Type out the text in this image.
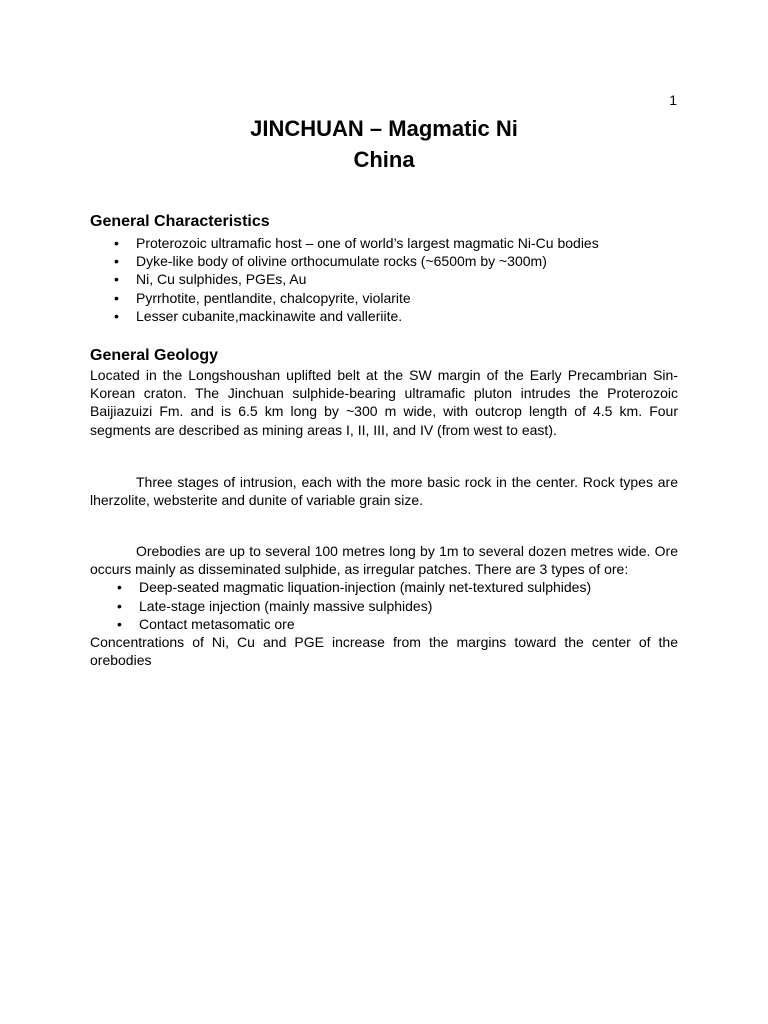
1
JINCHUAN – Magmatic Ni
China
General Characteristics
• Proterozoic ultramafic host – one of world’s largest magmatic Ni-Cu bodies
• Dyke-like body of olivine orthocumulate rocks (~6500m by ~300m)
• Ni, Cu sulphides, PGEs, Au
• Pyrrhotite, pentlandite, chalcopyrite, violarite
• Lesser cubanite,mackinawite and valleriite.
General Geology

Located in the Longshoushan uplifted belt at the SW margin of the Early Precambrian Sin-Korean craton. The Jinchuan sulphide-bearing ultramafic pluton intrudes the Proterozoic Baijiazuizi Fm. and is 6.5 km long by ~300 m wide, with outcrop length of 4.5 km. Four segments are described as mining areas I, II, III, and IV (from west to east).

Three stages of intrusion, each with the more basic rock in the center. Rock types are lherzolite, websterite and dunite of variable grain size.

Orebodies are up to several 100 metres long by 1m to several dozen metres wide. Ore occurs mainly as disseminated sulphide, as irregular patches. There are 3 types of ore:

• Deep-seated magmatic liquation-injection (mainly net-textured sulphides)
• Late-stage injection (mainly massive sulphides)
• Contact metasomatic ore

Concentrations of Ni, Cu and PGE increase from the margins toward the center of the orebodies
